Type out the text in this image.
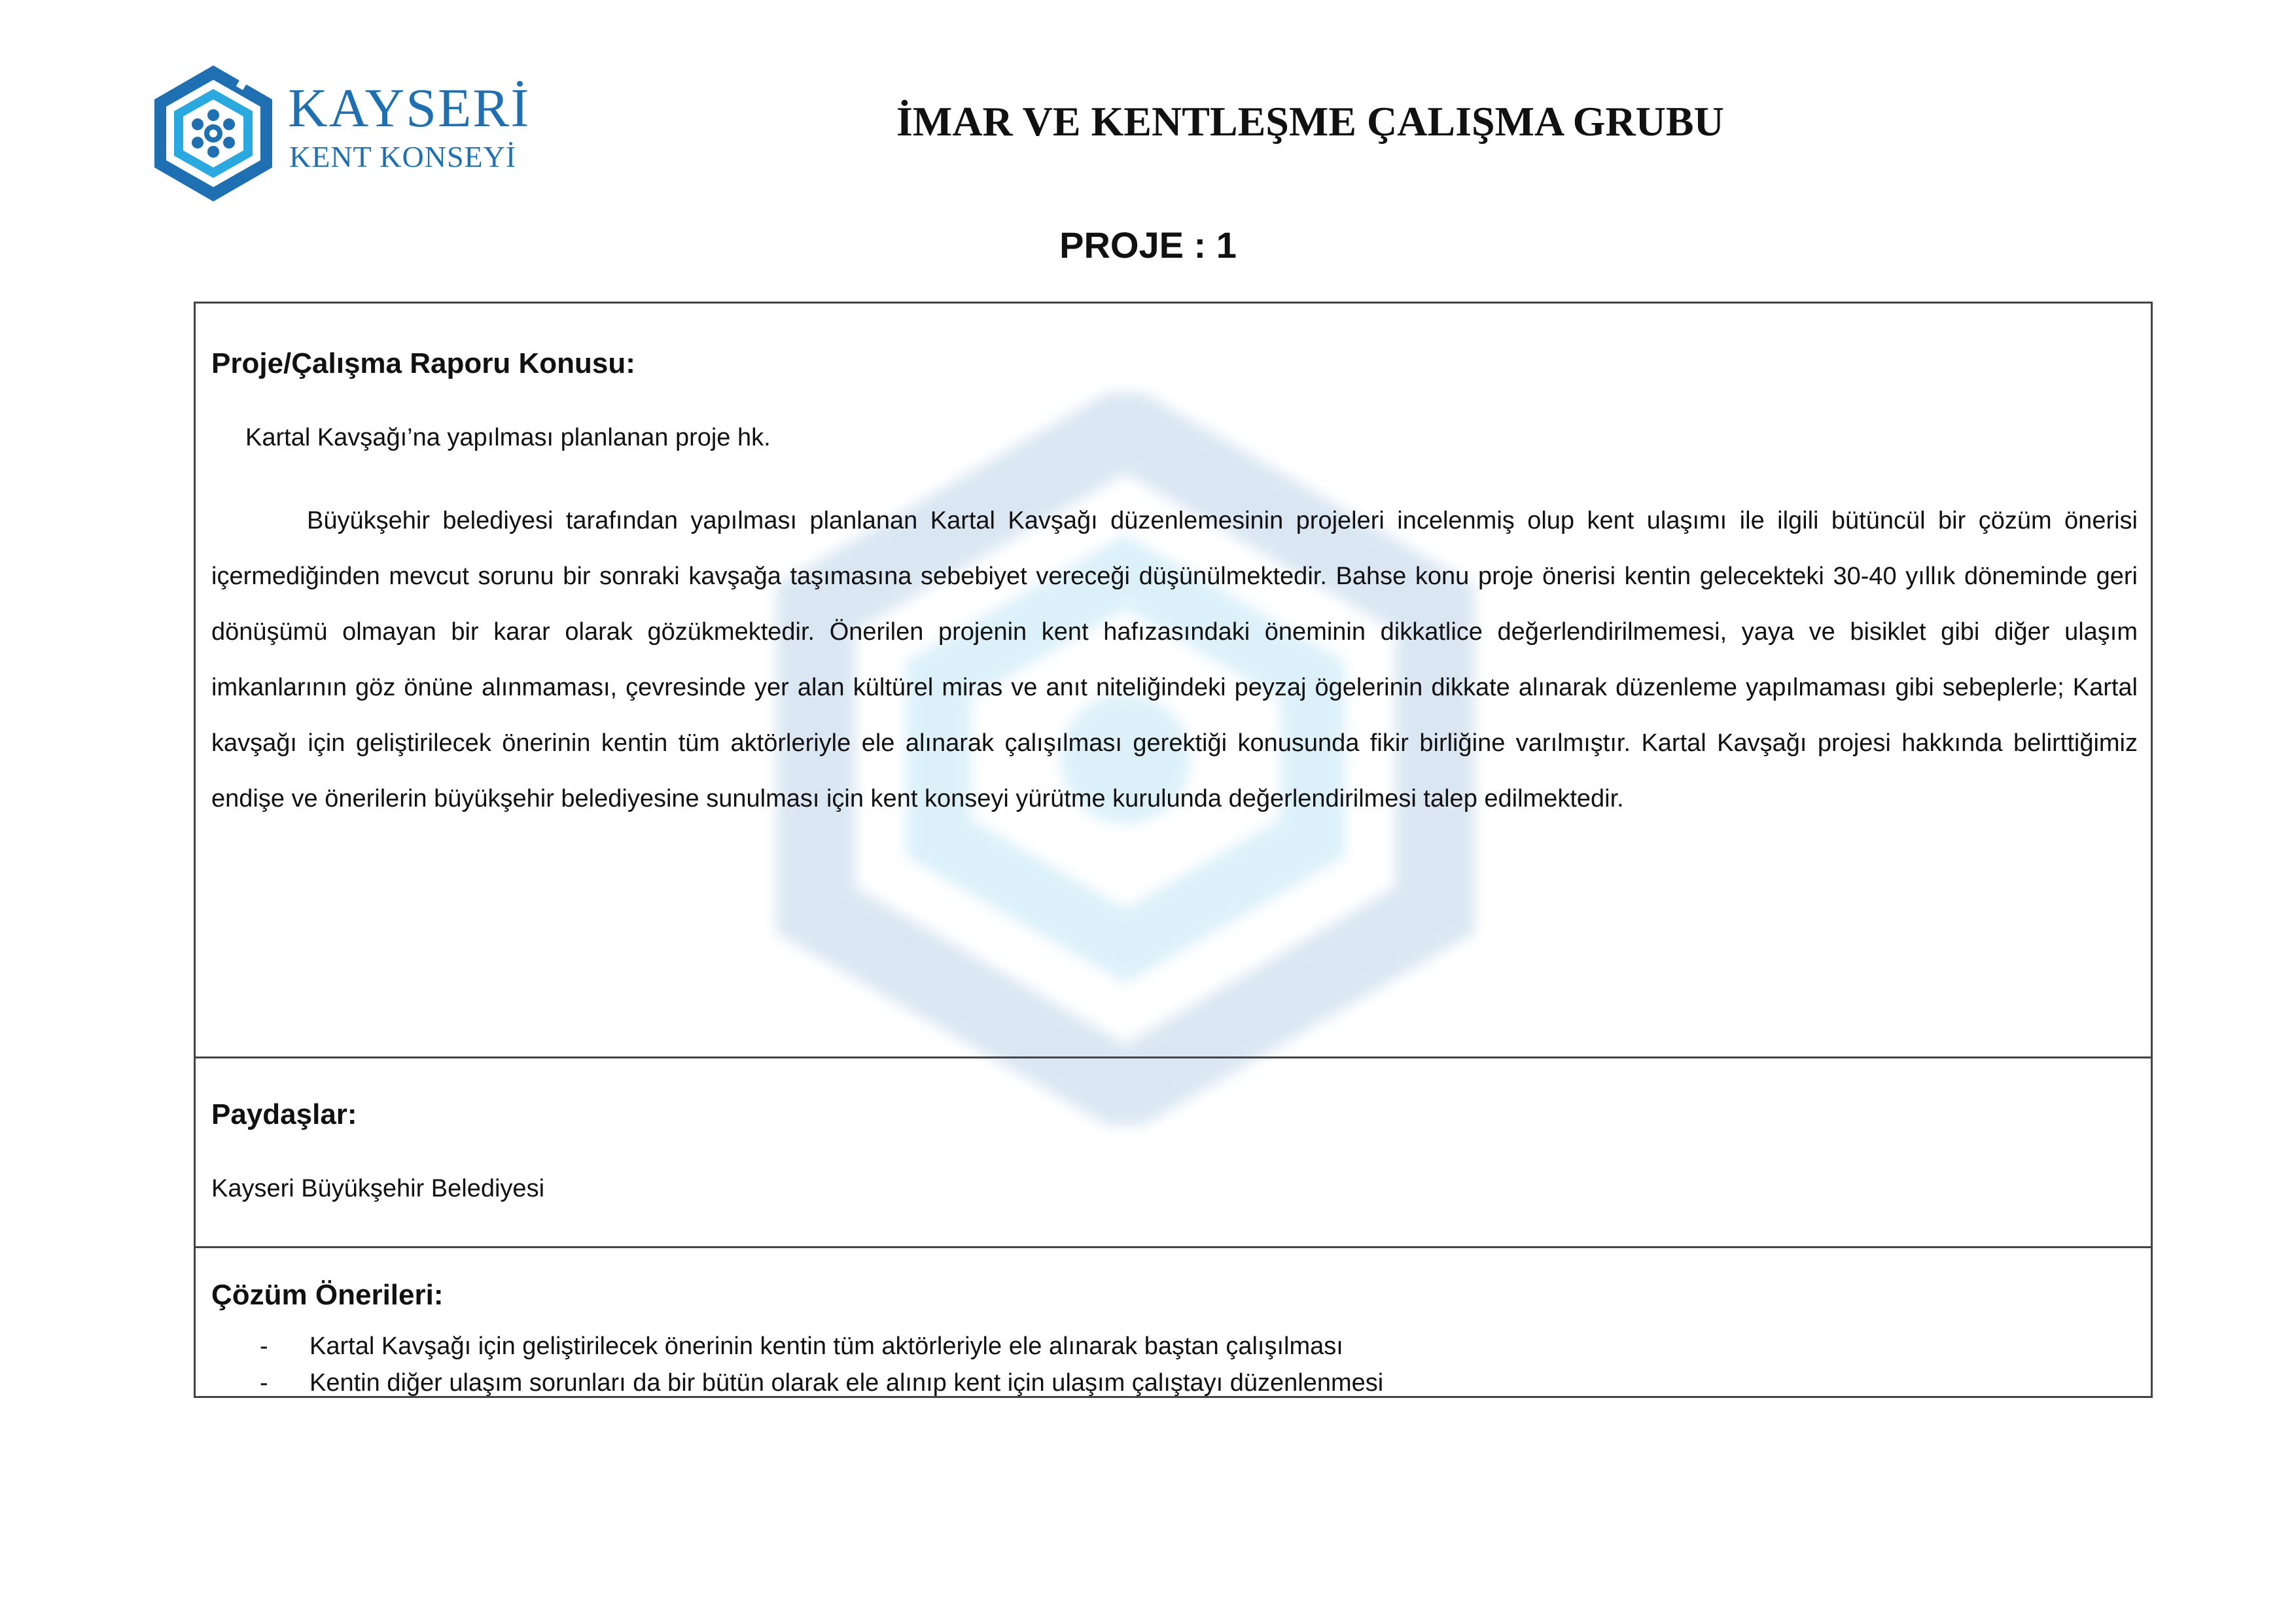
KAYSERİ
KENT KONSEYİ
İMAR VE KENTLEŞME ÇALIŞMA GRUBU
PROJE : 1
Proje/Çalışma Raporu Konusu:
Kartal Kavşağı’na yapılması planlanan proje hk.

Büyükşehir belediyesi tarafından yapılması planlanan Kartal Kavşağı düzenlemesinin projeleri incelenmiş olup kent ulaşımı ile ilgili bütüncül bir çözüm önerisi içermediğinden mevcut sorunu bir sonraki kavşağa taşımasına sebebiyet vereceği düşünülmektedir. Bahse konu proje önerisi kentin gelecekteki 30-40 yıllık döneminde geri dönüşümü olmayan bir karar olarak gözükmektedir. Önerilen projenin kent hafızasındaki öneminin dikkatlice değerlendirilmemesi, yaya ve bisiklet gibi diğer ulaşım imkanlarının göz önüne alınmaması, çevresinde yer alan kültürel miras ve anıt niteliğindeki peyzaj ögelerinin dikkate alınarak düzenleme yapılmaması gibi sebeplerle; Kartal kavşağı için geliştirilecek önerinin kentin tüm aktörleriyle ele alınarak çalışılması gerektiği konusunda fikir birliğine varılmıştır. Kartal Kavşağı projesi hakkında belirttiğimiz endişe ve önerilerin büyükşehir belediyesine sunulması için kent konseyi yürütme kurulunda değerlendirilmesi talep edilmektedir.

Paydaşlar:
Kayseri Büyükşehir Belediyesi
Çözüm Önerileri:
- Kartal Kavşağı için geliştirilecek önerinin kentin tüm aktörleriyle ele alınarak baştan çalışılması
- Kentin diğer ulaşım sorunları da bir bütün olarak ele alınıp kent için ulaşım çalıştayı düzenlenmesi
